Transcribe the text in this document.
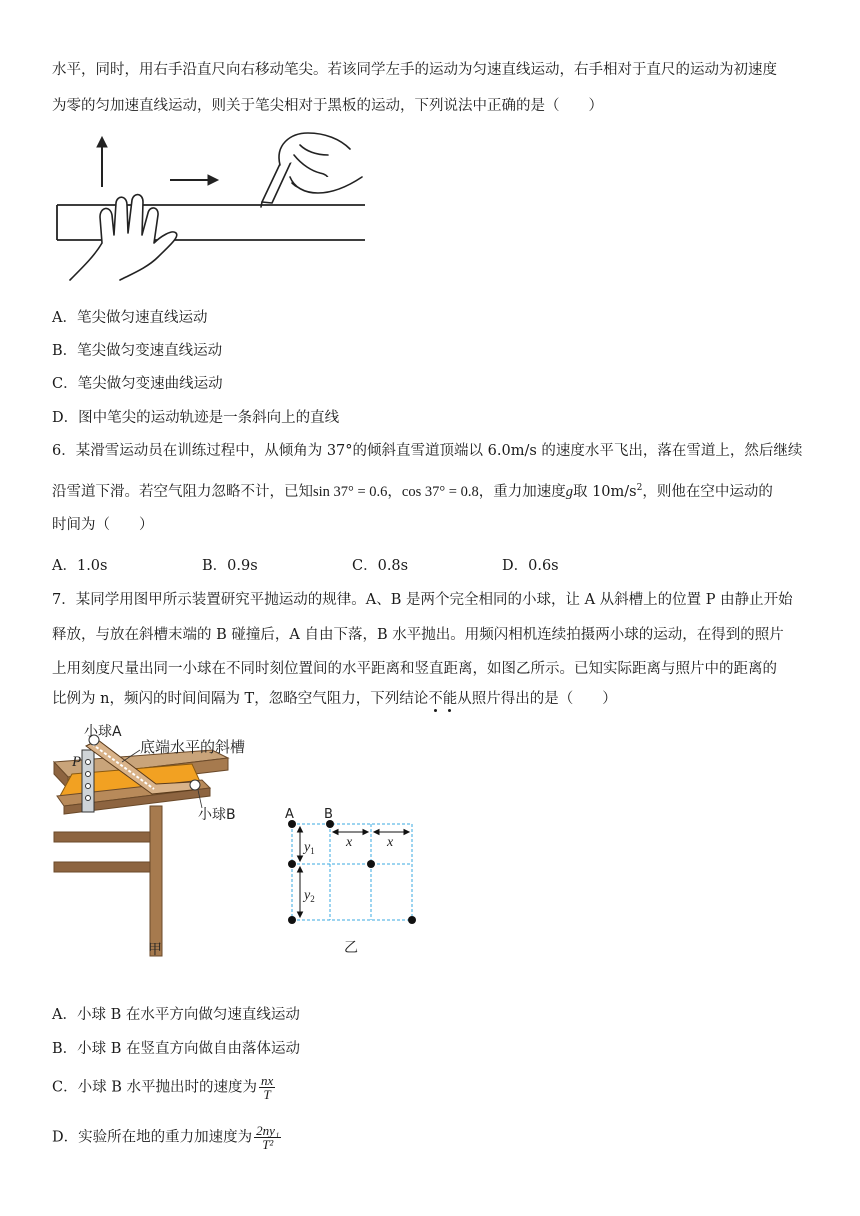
水平，同时，用右手沿直尺向右移动笔尖。若该同学左手的运动为匀速直线运动，右手相对于直尺的运动为初速度
为零的匀加速直线运动，则关于笔尖相对于黑板的运动，下列说法中正确的是（　　）
A．笔尖做匀速直线运动
B．笔尖做匀变速直线运动
C．笔尖做匀变速曲线运动
D．图中笔尖的运动轨迹是一条斜向上的直线
6．某滑雪运动员在训练过程中，从倾角为 37°的倾斜直雪道顶端以 6.0m/s 的速度水平飞出，落在雪道上，然后继续
沿雪道下滑。若空气阻力忽略不计，已知sin 37° = 0.6，cos 37° = 0.8，重力加速度g取 $10m/s^2$，则他在空中运动的
时间为（　　）
A．1.0s	B．0.9s	C．0.8s	D．0.6s
7．某同学用图甲所示装置研究平抛运动的规律。A、B 是两个完全相同的小球，让 A 从斜槽上的位置 P 由静止开始
释放，与放在斜槽末端的 B 碰撞后，A 自由下落，B 水平抛出。用频闪相机连续拍摄两小球的运动，在得到的照片
上用刻度尺量出同一小球在不同时刻位置间的水平距离和竖直距离，如图乙所示。已知实际距离与照片中的距离的
比例为 n，频闪的时间间隔为 T，忽略空气阻力，下列结论不能从照片得出的是（　　）
小球A
P
底端水平的斜槽
小球B
甲
A B
x x
$y_1$
$y_2$
乙
A．小球 B 在水平方向做匀速直线运动
B．小球 B 在竖直方向做自由落体运动
C．小球 B 水平抛出时的速度为 $\frac{nx}{T}$
D．实验所在地的重力加速度为 $\frac{\text{2ny₁}}{\text{T²}}$
